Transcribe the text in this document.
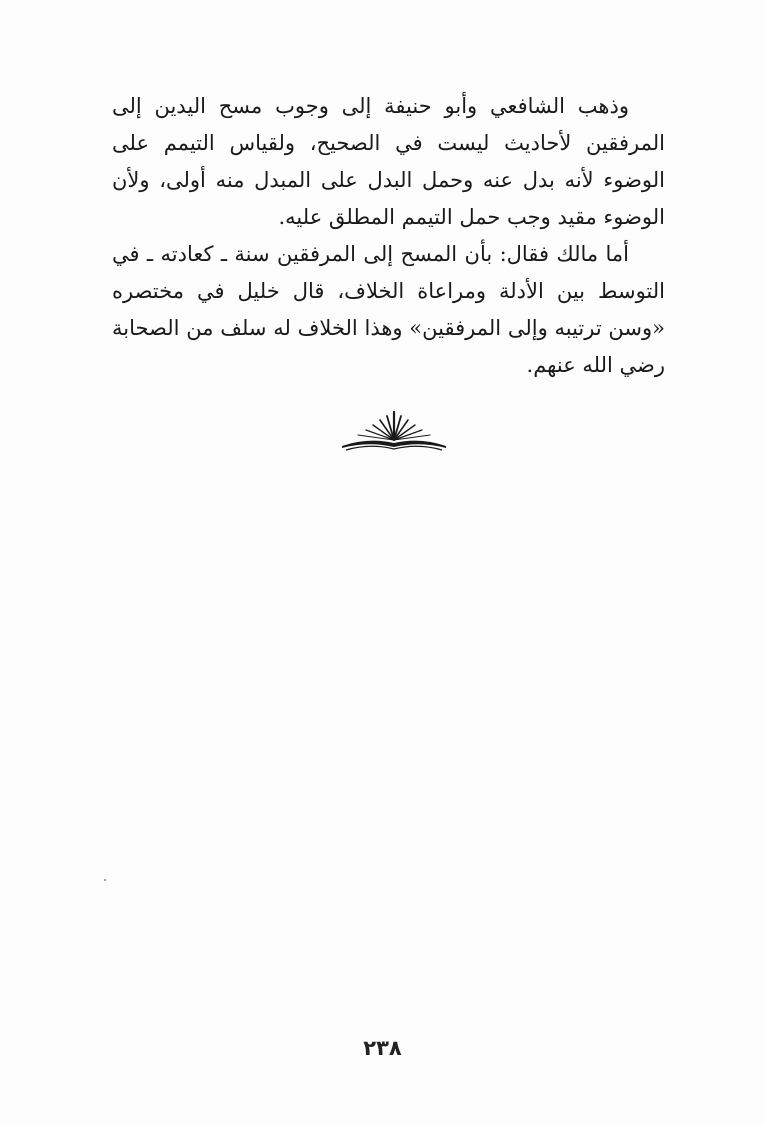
وذهب الشافعي وأبو حنيفة إلى وجوب مسح اليدين إلى المرفقين لأحاديث ليست في الصحيح، ولقياس التيمم على الوضوء لأنه بدل عنه وحمل البدل على المبدل منه أولى، ولأن الوضوء مقيد وجب حمل التيمم المطلق عليه.

أما مالك فقال: بأن المسح إلى المرفقين سنة ـ كعادته ـ في التوسط بين الأدلة ومراعاة الخلاف، قال خليل في مختصره «وسن ترتيبه وإلى المرفقين» وهذا الخلاف له سلف من الصحابة رضي الله عنهم.

٢٣٨
